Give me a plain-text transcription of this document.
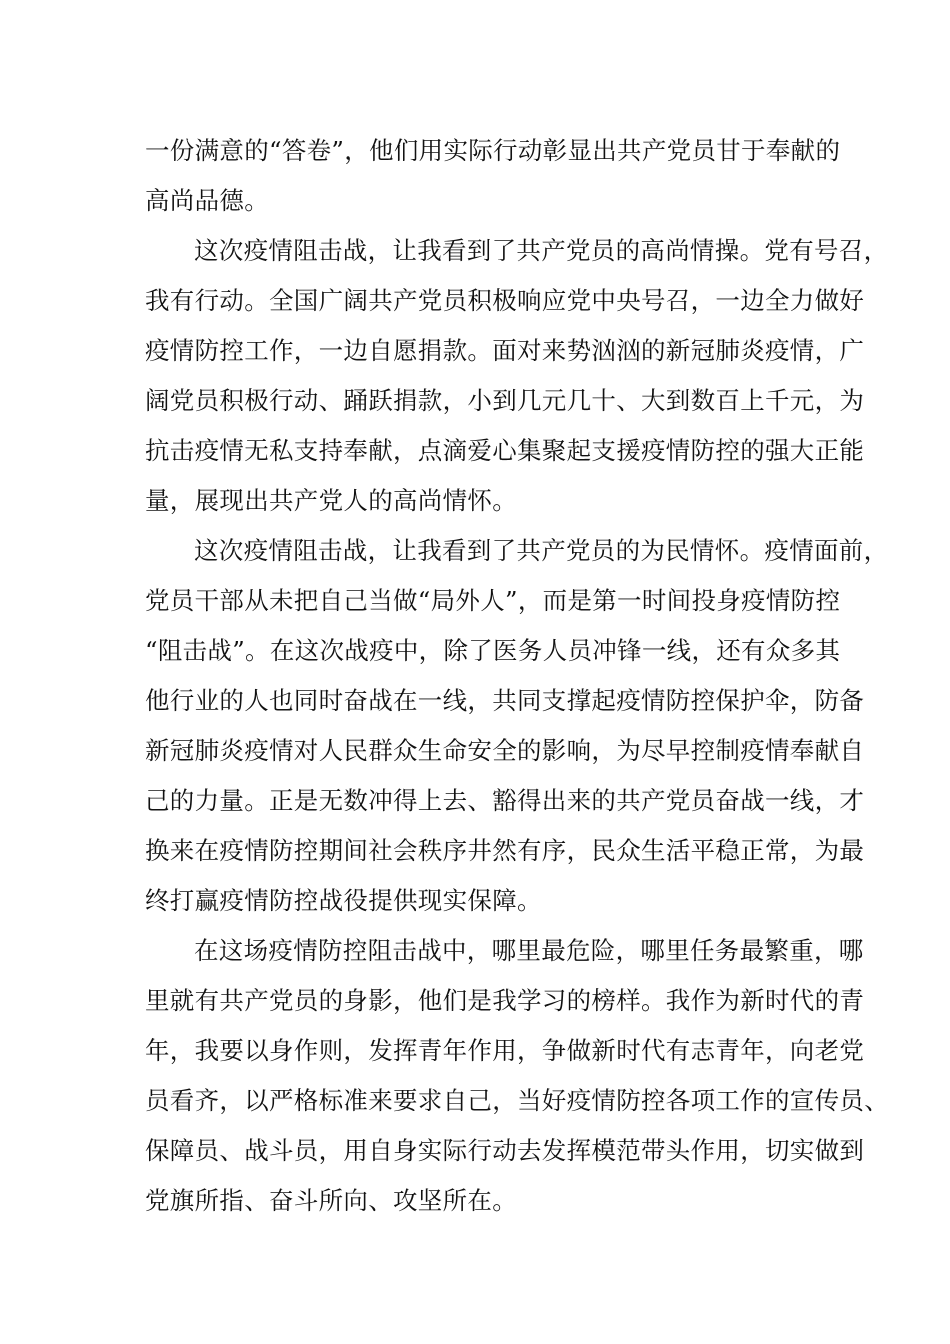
一份满意的“答卷”，他们用实际行动彰显出共产党员甘于奉献的
高尚品德。
这次疫情阻击战，让我看到了共产党员的高尚情操。党有号召，
我有行动。全国广阔共产党员积极响应党中央号召，一边全力做好
疫情防控工作，一边自愿捐款。面对来势汹汹的新冠肺炎疫情，广
阔党员积极行动、踊跃捐款，小到几元几十、大到数百上千元，为
抗击疫情无私支持奉献，点滴爱心集聚起支援疫情防控的强大正能
量，展现出共产党人的高尚情怀。
这次疫情阻击战，让我看到了共产党员的为民情怀。疫情面前，
党员干部从未把自己当做“局外人”，而是第一时间投身疫情防控
“阻击战”。在这次战疫中，除了医务人员冲锋一线，还有众多其
他行业的人也同时奋战在一线，共同支撑起疫情防控保护伞，防备
新冠肺炎疫情对人民群众生命安全的影响，为尽早控制疫情奉献自
己的力量。正是无数冲得上去、豁得出来的共产党员奋战一线，才
换来在疫情防控期间社会秩序井然有序，民众生活平稳正常，为最
终打赢疫情防控战役提供现实保障。
在这场疫情防控阻击战中，哪里最危险，哪里任务最繁重，哪
里就有共产党员的身影，他们是我学习的榜样。我作为新时代的青
年，我要以身作则，发挥青年作用，争做新时代有志青年，向老党
员看齐，以严格标准来要求自己，当好疫情防控各项工作的宣传员、
保障员、战斗员，用自身实际行动去发挥模范带头作用，切实做到
党旗所指、奋斗所向、攻坚所在。
